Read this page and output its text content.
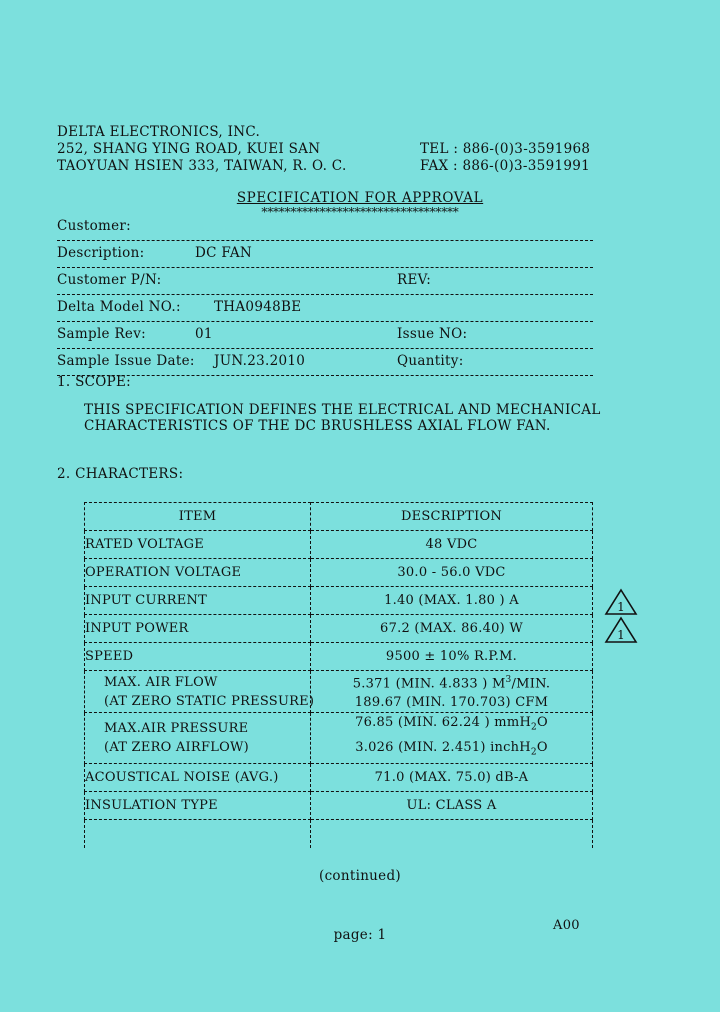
DELTA ELECTRONICS, INC.
252, SHANG YING ROAD, KUEI SAN	TEL : 886-(0)3-3591968
TAOYUAN HSIEN 333, TAIWAN, R. O. C.	FAX : 886-(0)3-3591991
SPECIFICATION FOR APPROVAL
**********************************
Customer:
Description:	DC FAN
Customer P/N:	REV:
Delta Model NO.: THA0948BE
Sample Rev:	01	Issue NO:
Sample Issue Date: JUN.23.2010	Quantity:
1. SCOPE:
THIS SPECIFICATION DEFINES THE ELECTRICAL AND MECHANICAL
CHARACTERISTICS OF THE DC BRUSHLESS AXIAL FLOW FAN.
2. CHARACTERS:
ITEM	DESCRIPTION
RATED VOLTAGE	48 VDC
OPERATION VOLTAGE	30.0 - 56.0 VDC
INPUT CURRENT	1.40 (MAX. 1.80 ) A
INPUT POWER	67.2 (MAX. 86.40) W
SPEED	9500 ± 10% R.P.M.

MAX. AIR FLOW
(AT ZERO STATIC PRESSURE)	5.371 (MIN. 4.833 ) $M^3$/MIN.
189.67 (MIN. 170.703) CFM

MAX.AIR PRESSURE
(AT ZERO AIRFLOW)	76.85 (MIN. 62.24 ) mmH$_2$O
3.026 (MIN. 2.451) inchH$_2$O

ACOUSTICAL NOISE (AVG.)	71.0 (MAX. 75.0) dB-A
INSULATION TYPE	UL: CLASS A

1
1
(continued)
page: 1
A00
